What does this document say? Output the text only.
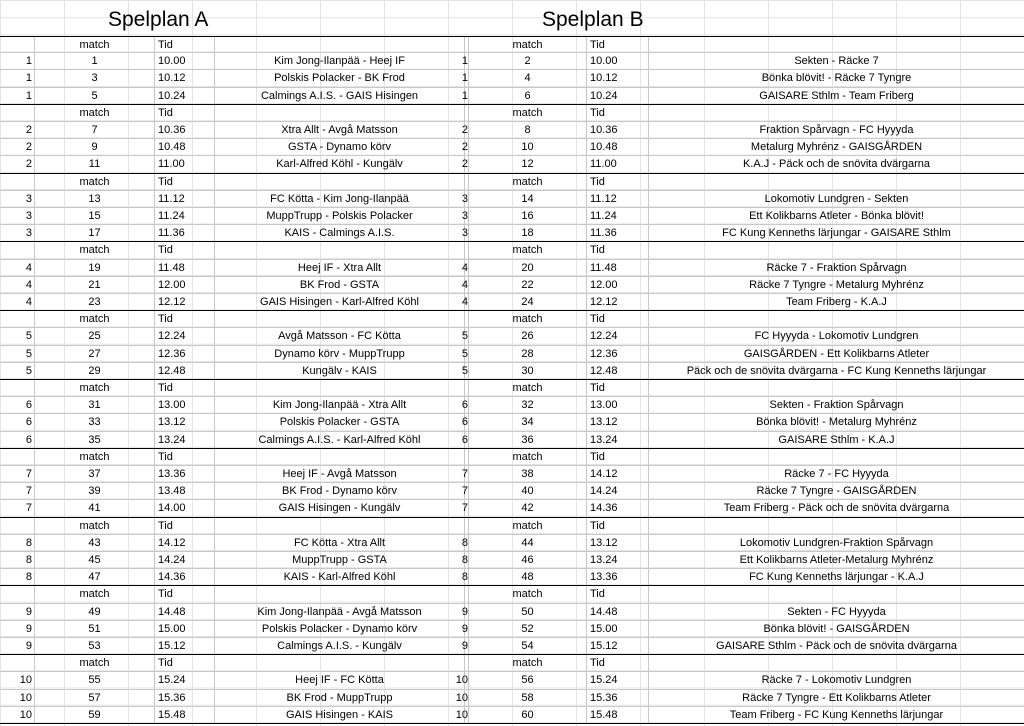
Spelplan A	Spelplan B
match	Tid	match	Tid
1	1	10.00	Kim Jong-Ilanpää - Heej IF	1	2	10.00	Sekten - Räcke 7
1	3	10.12	Polskis Polacker - BK Frod	1	4	10.12	Bönka blövit! - Räcke 7 Tyngre
1	5	10.24	Calmings A.I.S. - GAIS Hisingen	1	6	10.24	GAISARE Sthlm - Team Friberg
match	Tid	match	Tid
2	7	10.36	Xtra Allt - Avgå Matsson	2	8	10.36	Fraktion Spårvagn - FC Hyyyda
2	9	10.48	GSTA - Dynamo körv	2	10	10.48	Metalurg Myhrénz - GAISGÅRDEN
2	11	11.00	Karl-Alfred Köhl - Kungälv	2	12	11.00	K.A.J - Päck och de snövita dvärgarna
match	Tid	match	Tid
3	13	11.12	FC Kötta - Kim Jong-Ilanpää	3	14	11.12	Lokomotiv Lundgren - Sekten
3	15	11.24	MuppTrupp - Polskis Polacker	3	16	11.24	Ett Kolikbarns Atleter - Bönka blövit!
3	17	11.36	KAIS - Calmings A.I.S.	3	18	11.36	FC Kung Kenneths lärjungar - GAISARE Sthlm
match	Tid	match	Tid
4	19	11.48	Heej IF - Xtra Allt	4	20	11.48	Räcke 7 - Fraktion Spårvagn
4	21	12.00	BK Frod - GSTA	4	22	12.00	Räcke 7 Tyngre - Metalurg Myhrénz
4	23	12.12	GAIS Hisingen - Karl-Alfred Köhl	4	24	12.12	Team Friberg - K.A.J
match	Tid	match	Tid
5	25	12.24	Avgå Matsson - FC Kötta	5	26	12.24	FC Hyyyda - Lokomotiv Lundgren
5	27	12.36	Dynamo körv - MuppTrupp	5	28	12.36	GAISGÅRDEN - Ett Kolikbarns Atleter
5	29	12.48	Kungälv - KAIS	5	30	12.48	Päck och de snövita dvärgarna - FC Kung Kenneths lärjungar
match	Tid	match	Tid
6	31	13.00	Kim Jong-Ilanpää - Xtra Allt	6	32	13.00	Sekten - Fraktion Spårvagn
6	33	13.12	Polskis Polacker - GSTA	6	34	13.12	Bönka blövit! - Metalurg Myhrénz
6	35	13.24	Calmings A.I.S. - Karl-Alfred Köhl	6	36	13.24	GAISARE Sthlm - K.A.J
match	Tid	match	Tid
7	37	13.36	Heej IF - Avgå Matsson	7	38	14.12	Räcke 7 - FC Hyyyda
7	39	13.48	BK Frod - Dynamo körv	7	40	14.24	Räcke 7 Tyngre - GAISGÅRDEN
7	41	14.00	GAIS Hisingen - Kungälv	7	42	14.36	Team Friberg - Päck och de snövita dvärgarna
match	Tid	match	Tid
8	43	14.12	FC Kötta - Xtra Allt	8	44	13.12	Lokomotiv Lundgren-Fraktion Spårvagn
8	45	14.24	MuppTrupp - GSTA	8	46	13.24	Ett Kolikbarns Atleter-Metalurg Myhrénz
8	47	14.36	KAIS - Karl-Alfred Köhl	8	48	13.36	FC Kung Kenneths lärjungar - K.A.J
match	Tid	match	Tid
9	49	14.48	Kim Jong-Ilanpää - Avgå Matsson	9	50	14.48	Sekten - FC Hyyyda
9	51	15.00	Polskis Polacker - Dynamo körv	9	52	15.00	Bönka blövit! - GAISGÅRDEN
9	53	15.12	Calmings A.I.S. - Kungälv	9	54	15.12	GAISARE Sthlm - Päck och de snövita dvärgarna
match	Tid	match	Tid
10	55	15.24	Heej IF - FC Kötta	10	56	15.24	Räcke 7 - Lokomotiv Lundgren
10	57	15.36	BK Frod - MuppTrupp	10	58	15.36	Räcke 7 Tyngre - Ett Kolikbarns Atleter
10	59	15.48	GAIS Hisingen - KAIS	10	60	15.48	Team Friberg - FC Kung Kenneths lärjungar
